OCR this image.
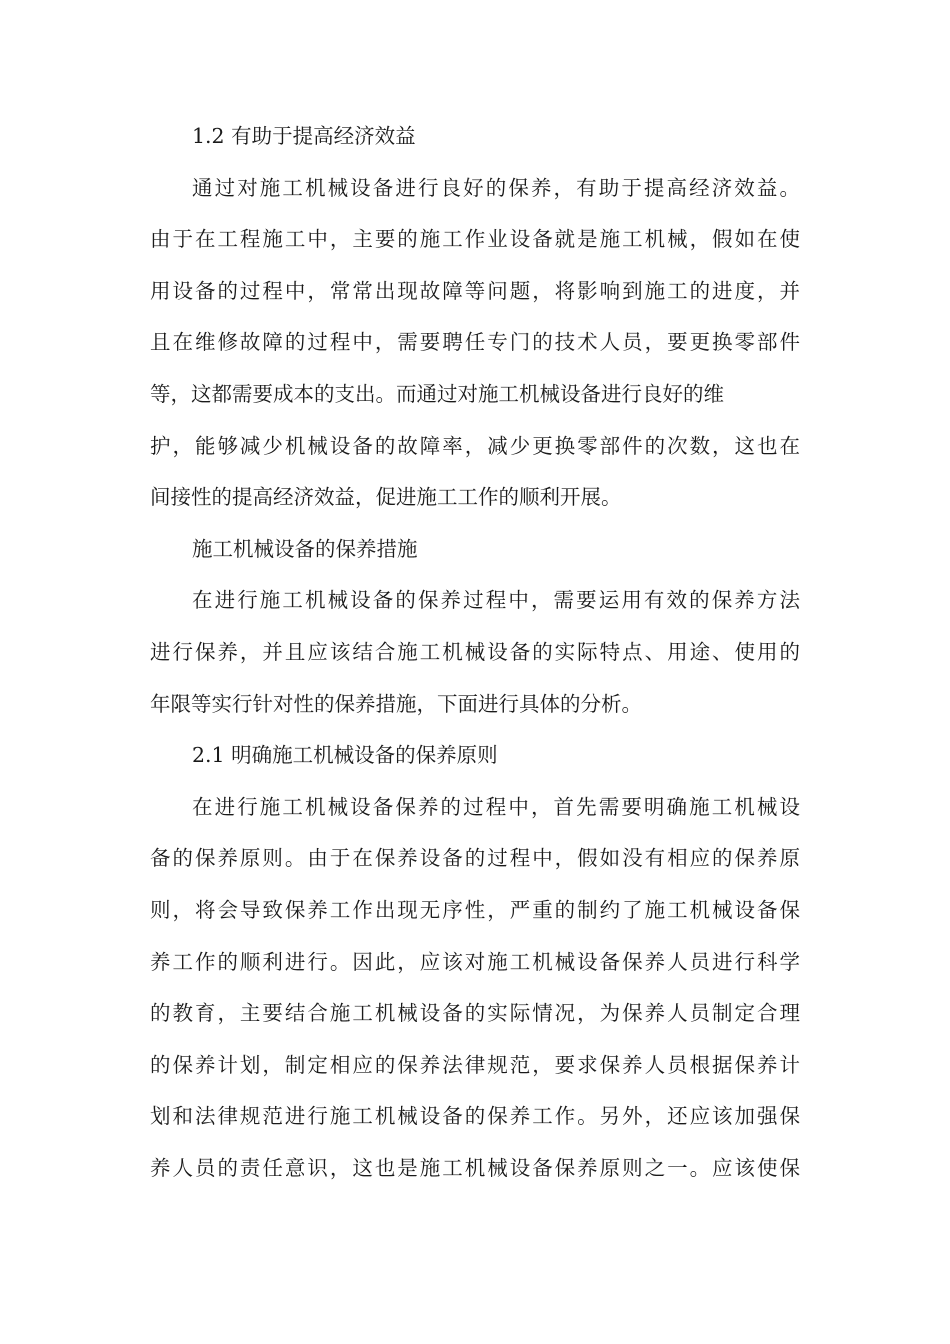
1.2 有助于提高经济效益
通过对施工机械设备进行良好的保养，有助于提高经济效益。
由于在工程施工中，主要的施工作业设备就是施工机械，假如在使
用设备的过程中，常常出现故障等问题，将影响到施工的进度，并
且在维修故障的过程中，需要聘任专门的技术人员，要更换零部件
等，这都需要成本的支出。而通过对施工机械设备进行良好的维
护，能够减少机械设备的故障率，减少更换零部件的次数，这也在
间接性的提高经济效益，促进施工工作的顺利开展。
施工机械设备的保养措施
在进行施工机械设备的保养过程中，需要运用有效的保养方法
进行保养，并且应该结合施工机械设备的实际特点、用途、使用的
年限等实行针对性的保养措施，下面进行具体的分析。
2.1 明确施工机械设备的保养原则
在进行施工机械设备保养的过程中，首先需要明确施工机械设
备的保养原则。由于在保养设备的过程中，假如没有相应的保养原
则，将会导致保养工作出现无序性，严重的制约了施工机械设备保
养工作的顺利进行。因此，应该对施工机械设备保养人员进行科学
的教育，主要结合施工机械设备的实际情况，为保养人员制定合理
的保养计划，制定相应的保养法律规范，要求保养人员根据保养计
划和法律规范进行施工机械设备的保养工作。另外，还应该加强保
养人员的责任意识，这也是施工机械设备保养原则之一。应该使保
